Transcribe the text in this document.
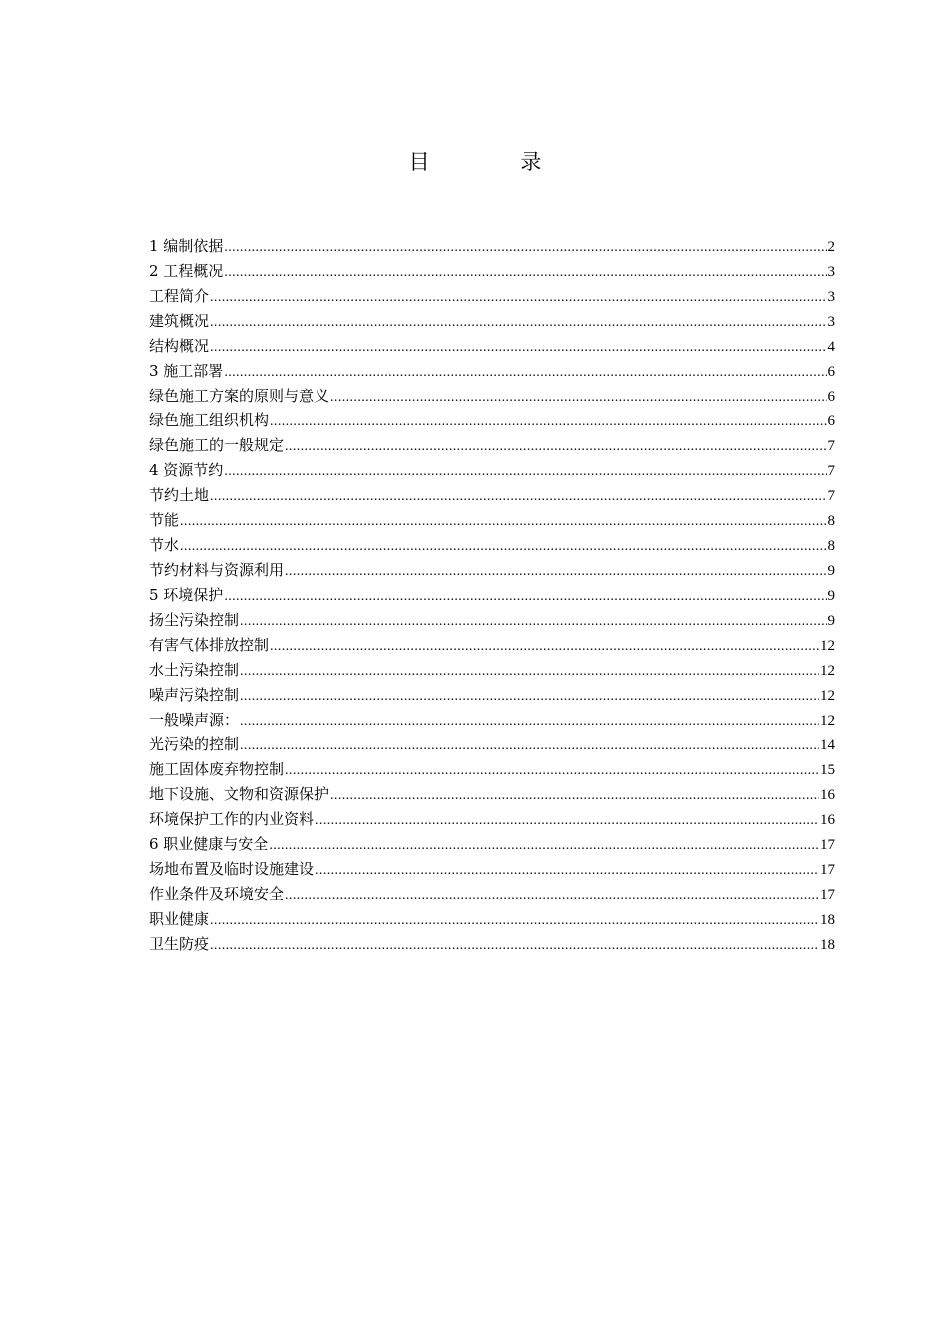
目 录
1 编制依据 .....	2
2 工程概况 .....	3
工程简介 .....	3
建筑概况 .....	3
结构概况 .....	4
3 施工部署 .....	6
绿色施工方案的原则与意义 .....	6
绿色施工组织机构 .....	6
绿色施工的一般规定 .....	7
4 资源节约 .....	7
节约土地 .....	7
节能 .....	8
节水 .....	8
节约材料与资源利用 .....	9
5 环境保护 .....	9
扬尘污染控制 .....	9
有害气体排放控制 .....	12
水土污染控制 .....	12
噪声污染控制 .....	12
一般噪声源： .....	12
光污染的控制 .....	14
施工固体废弃物控制 .....	15
地下设施、文物和资源保护 .....	16
环境保护工作的内业资料 .....	16
6 职业健康与安全 .....	17
场地布置及临时设施建设 .....	17
作业条件及环境安全 .....	17
职业健康 .....	18
卫生防疫 .....	18
